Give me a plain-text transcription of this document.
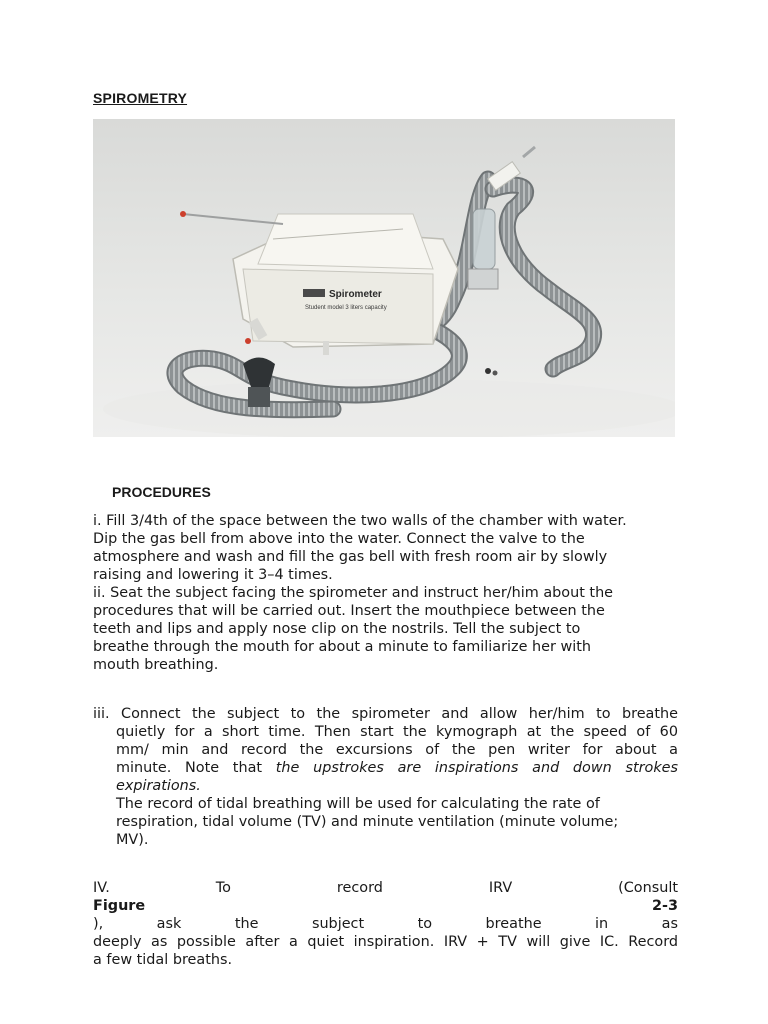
SPIROMETRY
Spirometer
Student model 3 liters capacity
PROCEDURES
i. Fill 3/4th of the space between the two walls of the chamber with water.
Dip the gas bell from above into the water. Connect the valve to the
atmosphere and wash and fill the gas bell with fresh room air by slowly
raising and lowering it 3–4 times.
ii. Seat the subject facing the spirometer and instruct her/him about the
procedures that will be carried out. Insert the mouthpiece between the
teeth and lips and apply nose clip on the nostrils. Tell the subject to
breathe through the mouth for about a minute to familiarize her with
mouth breathing.
iii. Connect the subject to the spirometer and allow her/him to breathe
quietly for a short time. Then start the kymograph at the speed of 60
mm/ min and record the excursions of the pen writer for about a
minute. Note that the upstrokes are inspirations and down strokes
expirations.
The record of tidal breathing will be used for calculating the rate of
respiration, tidal volume (TV) and minute ventilation (minute volume;
MV).
IV. To record IRV (Consult
Figure 2-3
), ask the subject to breathe in as
deeply as possible after a quiet inspiration. IRV + TV will give IC. Record
a few tidal breaths.
